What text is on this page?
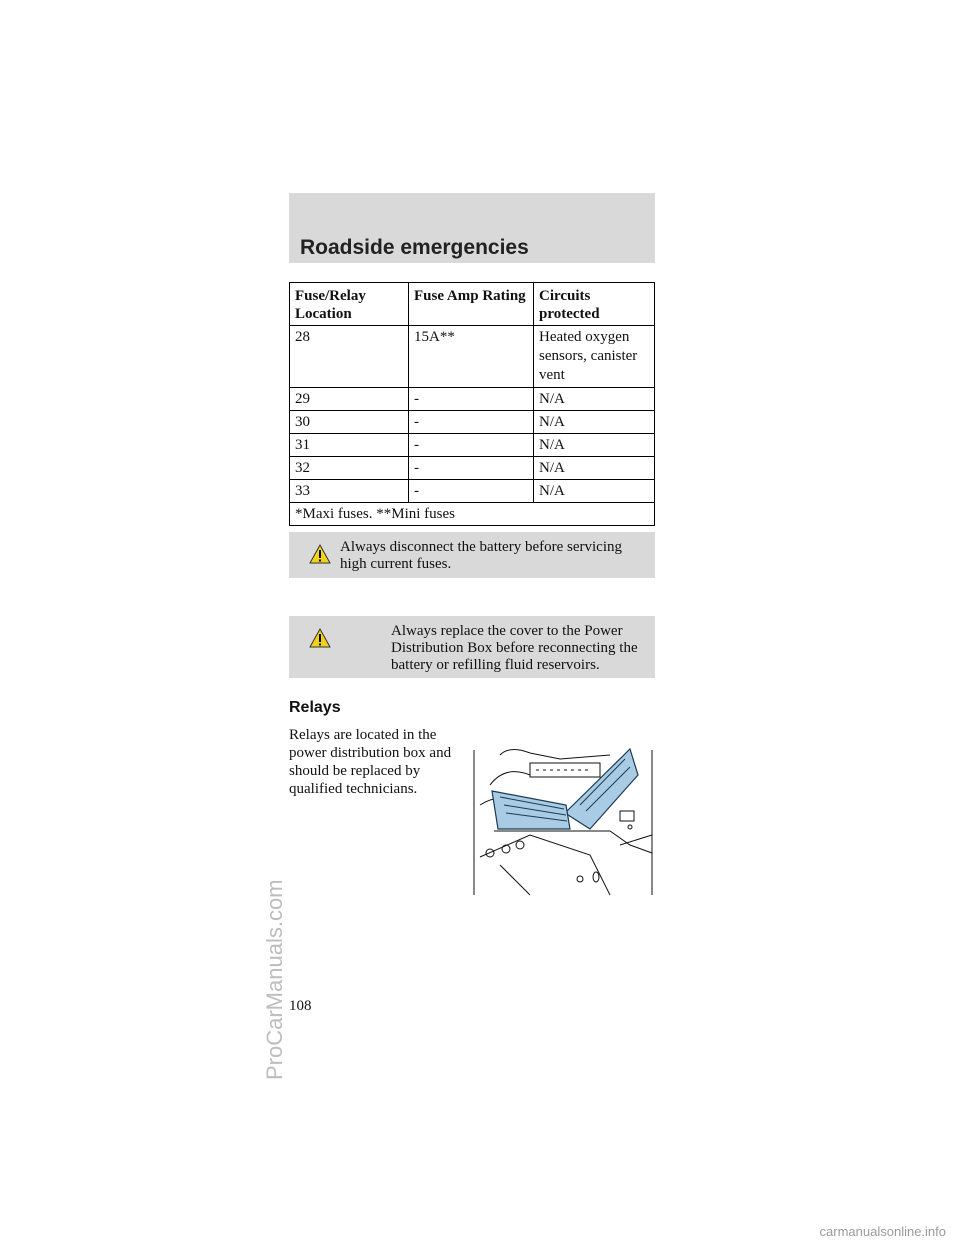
Roadside emergencies
Fuse/Relay Location	Fuse Amp Rating	Circuits protected
28	15A**	Heated oxygen sensors, canister vent
29	-	N/A
30	-	N/A
31	-	N/A
32	-	N/A
33	-	N/A
*Maxi fuses. **Mini fuses		
Always disconnect the battery before servicing high current fuses.
Always replace the cover to the Power Distribution Box before reconnecting the battery or refilling fluid reservoirs.
Relays
Relays are located in the power distribution box and should be replaced by qualified technicians.
108
ProCarManuals.com
carmanualsonline.info
